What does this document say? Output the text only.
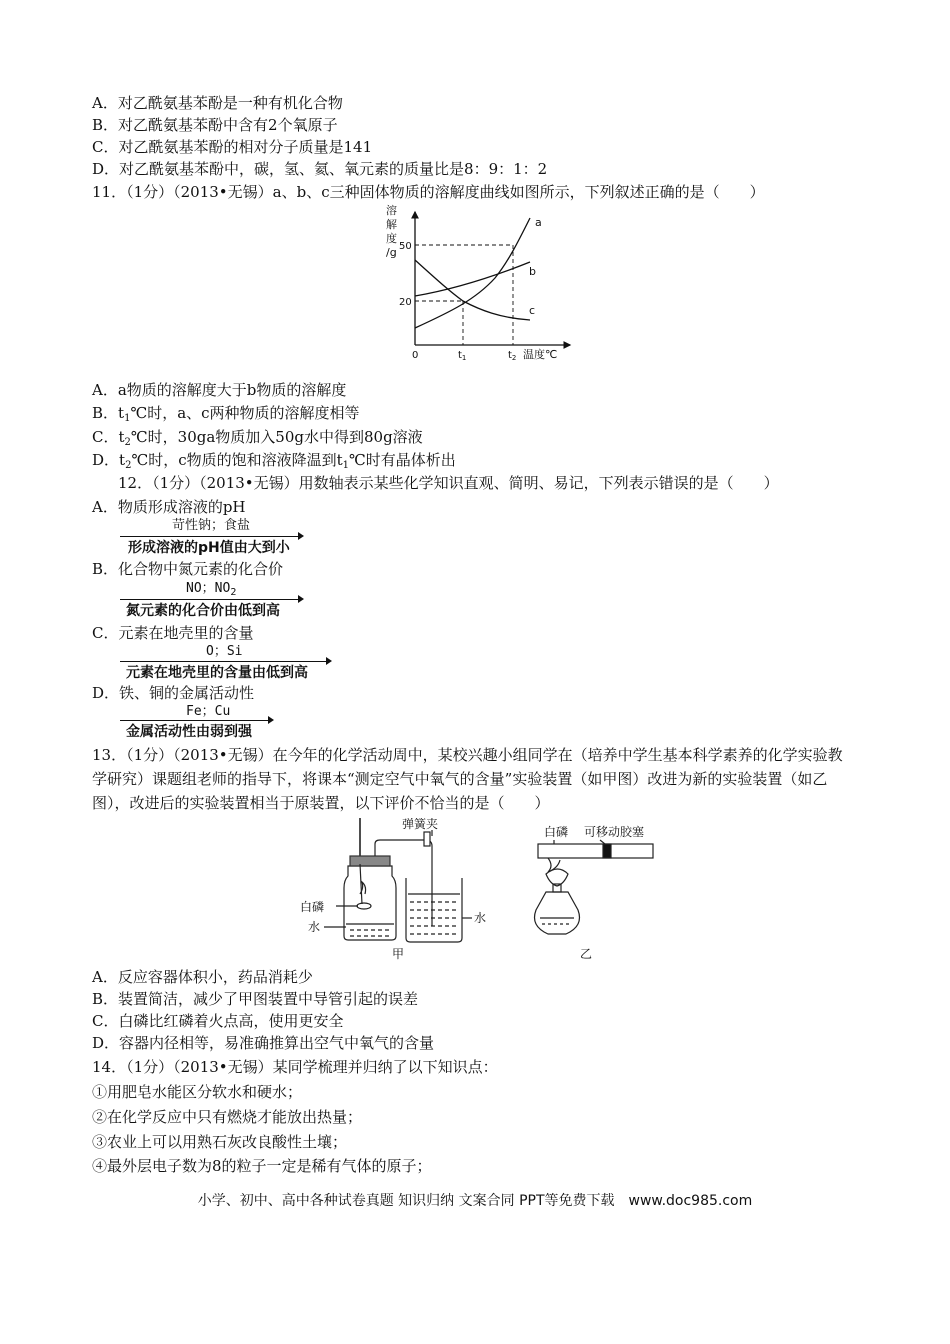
A．对乙酰氨基苯酚是一种有机化合物
B．对乙酰氨基苯酚中含有2个氧原子
C．对乙酰氨基苯酚的相对分子质量是141
D．对乙酰氨基苯酚中，碳，氢、氦、氧元素的质量比是8：9：1：2
11．（1分）（2013•无锡）a、b、c三种固体物质的溶解度曲线如图所示，下列叙述正确的是（　　）
溶
解
度
/g 50
20
0	$t_1$	$t_2$ 温度℃
a
b
c
A．a物质的溶解度大于b物质的溶解度
B．$t_1℃$时，a、c两种物质的溶解度相等
C．$t_2℃$时，30ga物质加入50g水中得到80g溶液
D．$t_2℃$时，c物质的饱和溶液降温到$t_1℃$时有晶体析出
12．（1分）（2013•无锡）用数轴表示某些化学知识直观、简明、易记，下列表示错误的是（　　）
A．物质形成溶液的pH
苛性钠；食盐
形成溶液的pH值由大到小
B．化合物中氮元素的化合价
NO；$NO_2$
氮元素的化合价由低到高
C．元素在地壳里的含量
O；Si
元素在地壳里的含量由低到高
D．铁、铜的金属活动性
Fe；Cu
金属活动性由弱到强
13．（1分）（2013•无锡）在今年的化学活动周中，某校兴趣小组同学在（培养中学生基本科学素养的化学实验教学研究）课题组老师的指导下，将课本“测定空气中氧气的含量”实验装置（如甲图）改进为新的实验装置（如乙图），改进后的实验装置相当于原装置，以下评价不恰当的是（　　）
弹簧夹
白磷
水
水
甲
白磷 可移动胶塞
乙
A．反应容器体积小，药品消耗少
B．装置简洁，减少了甲图装置中导管引起的误差
C．白磷比红磷着火点高，使用更安全
D．容器内径相等，易准确推算出空气中氧气的含量
14．（1分）（2013•无锡）某同学梳理并归纳了以下知识点：
①用肥皂水能区分软水和硬水；
②在化学反应中只有燃烧才能放出热量；
③农业上可以用熟石灰改良酸性土壤；
④最外层电子数为8的粒子一定是稀有气体的原子；
小学、初中、高中各种试卷真题 知识归纳 文案合同 PPT等免费下载　www.doc985.com
